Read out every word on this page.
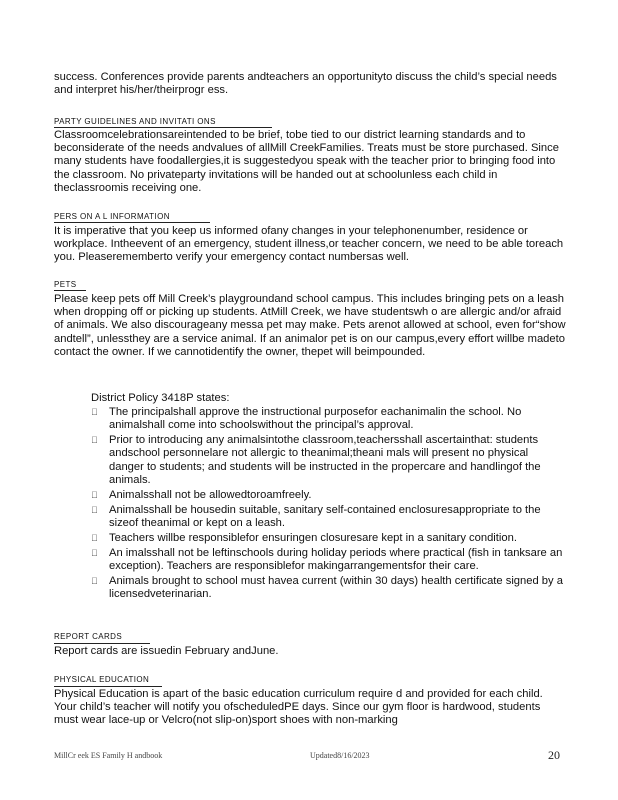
success. Conferences provide parents andteachers an opportunityto discuss the child’s special needs and interpret his/her/theirprogr ess.

PARTY GUIDELINES AND INVITATI ONS

Classroomcelebrationsareintended to be brief, tobe tied to our district learning standards and to beconsiderate of the needs andvalues of allMill CreekFamilies. Treats must be store purchased. Since many students have foodallergies,it is suggestedyou speak with the teacher prior to bringing food into the classroom. No privateparty invitations will be handed out at schoolunless each child in theclassroomis receiving one.

PERS ON A L INFORMATION

It is imperative that you keep us informed ofany changes in your telephonenumber, residence or workplace. Intheevent of an emergency, student illness,or teacher concern, we need to be able toreach you. Pleaserememberto verify your emergency contact numbersas well.

PETS

Please keep pets off Mill Creek’s playgroundand school campus. This includes bringing pets on a leash when dropping off or picking up students. AtMill Creek, we have studentswh o are allergic and/or afraid of animals. We also discourageany messa pet may make. Pets arenot allowed at school, even for“show andtell”, unlessthey are a service animal. If an animalor pet is on our campus,every effort willbe madeto contact the owner. If we cannotidentify the owner, thepet will beimpounded.

District Policy 3418P states:

The principalshall approve the instructional purposefor eachanimalin the school. No animalshall come into schoolswithout the principal’s approval.
Prior to introducing any animalsintothe classroom,teachersshall ascertainthat: students andschool personnelare not allergic to theanimal;theani mals will present no physical danger to students; and students will be instructed in the propercare and handlingof the animals.
Animalsshall not be allowedtoroamfreely.
Animalsshall be housedin suitable, sanitary self-contained enclosuresappropriate to the sizeof theanimal or kept on a leash.
Teachers willbe responsiblefor ensuringen closuresare kept in a sanitary condition.
An imalsshall not be leftinschools during holiday periods where practical (fish in tanksare an exception). Teachers are responsiblefor makingarrangementsfor their care.
Animals brought to school must havea current (within 30 days) health certificate signed by a licensedveterinarian.
REPORT CARDS

Report cards are issuedin February andJune.

PHYSICAL EDUCATION

Physical Education is apart of the basic education curriculum require d and provided for each child. Your child’s teacher will notify you ofscheduledPE days. Since our gym floor is hardwood, students must wear lace-up or Velcro(not slip-on)sport shoes with non-marking

MillCr eek ES Family H andbook	Updated8/16/2023	20
